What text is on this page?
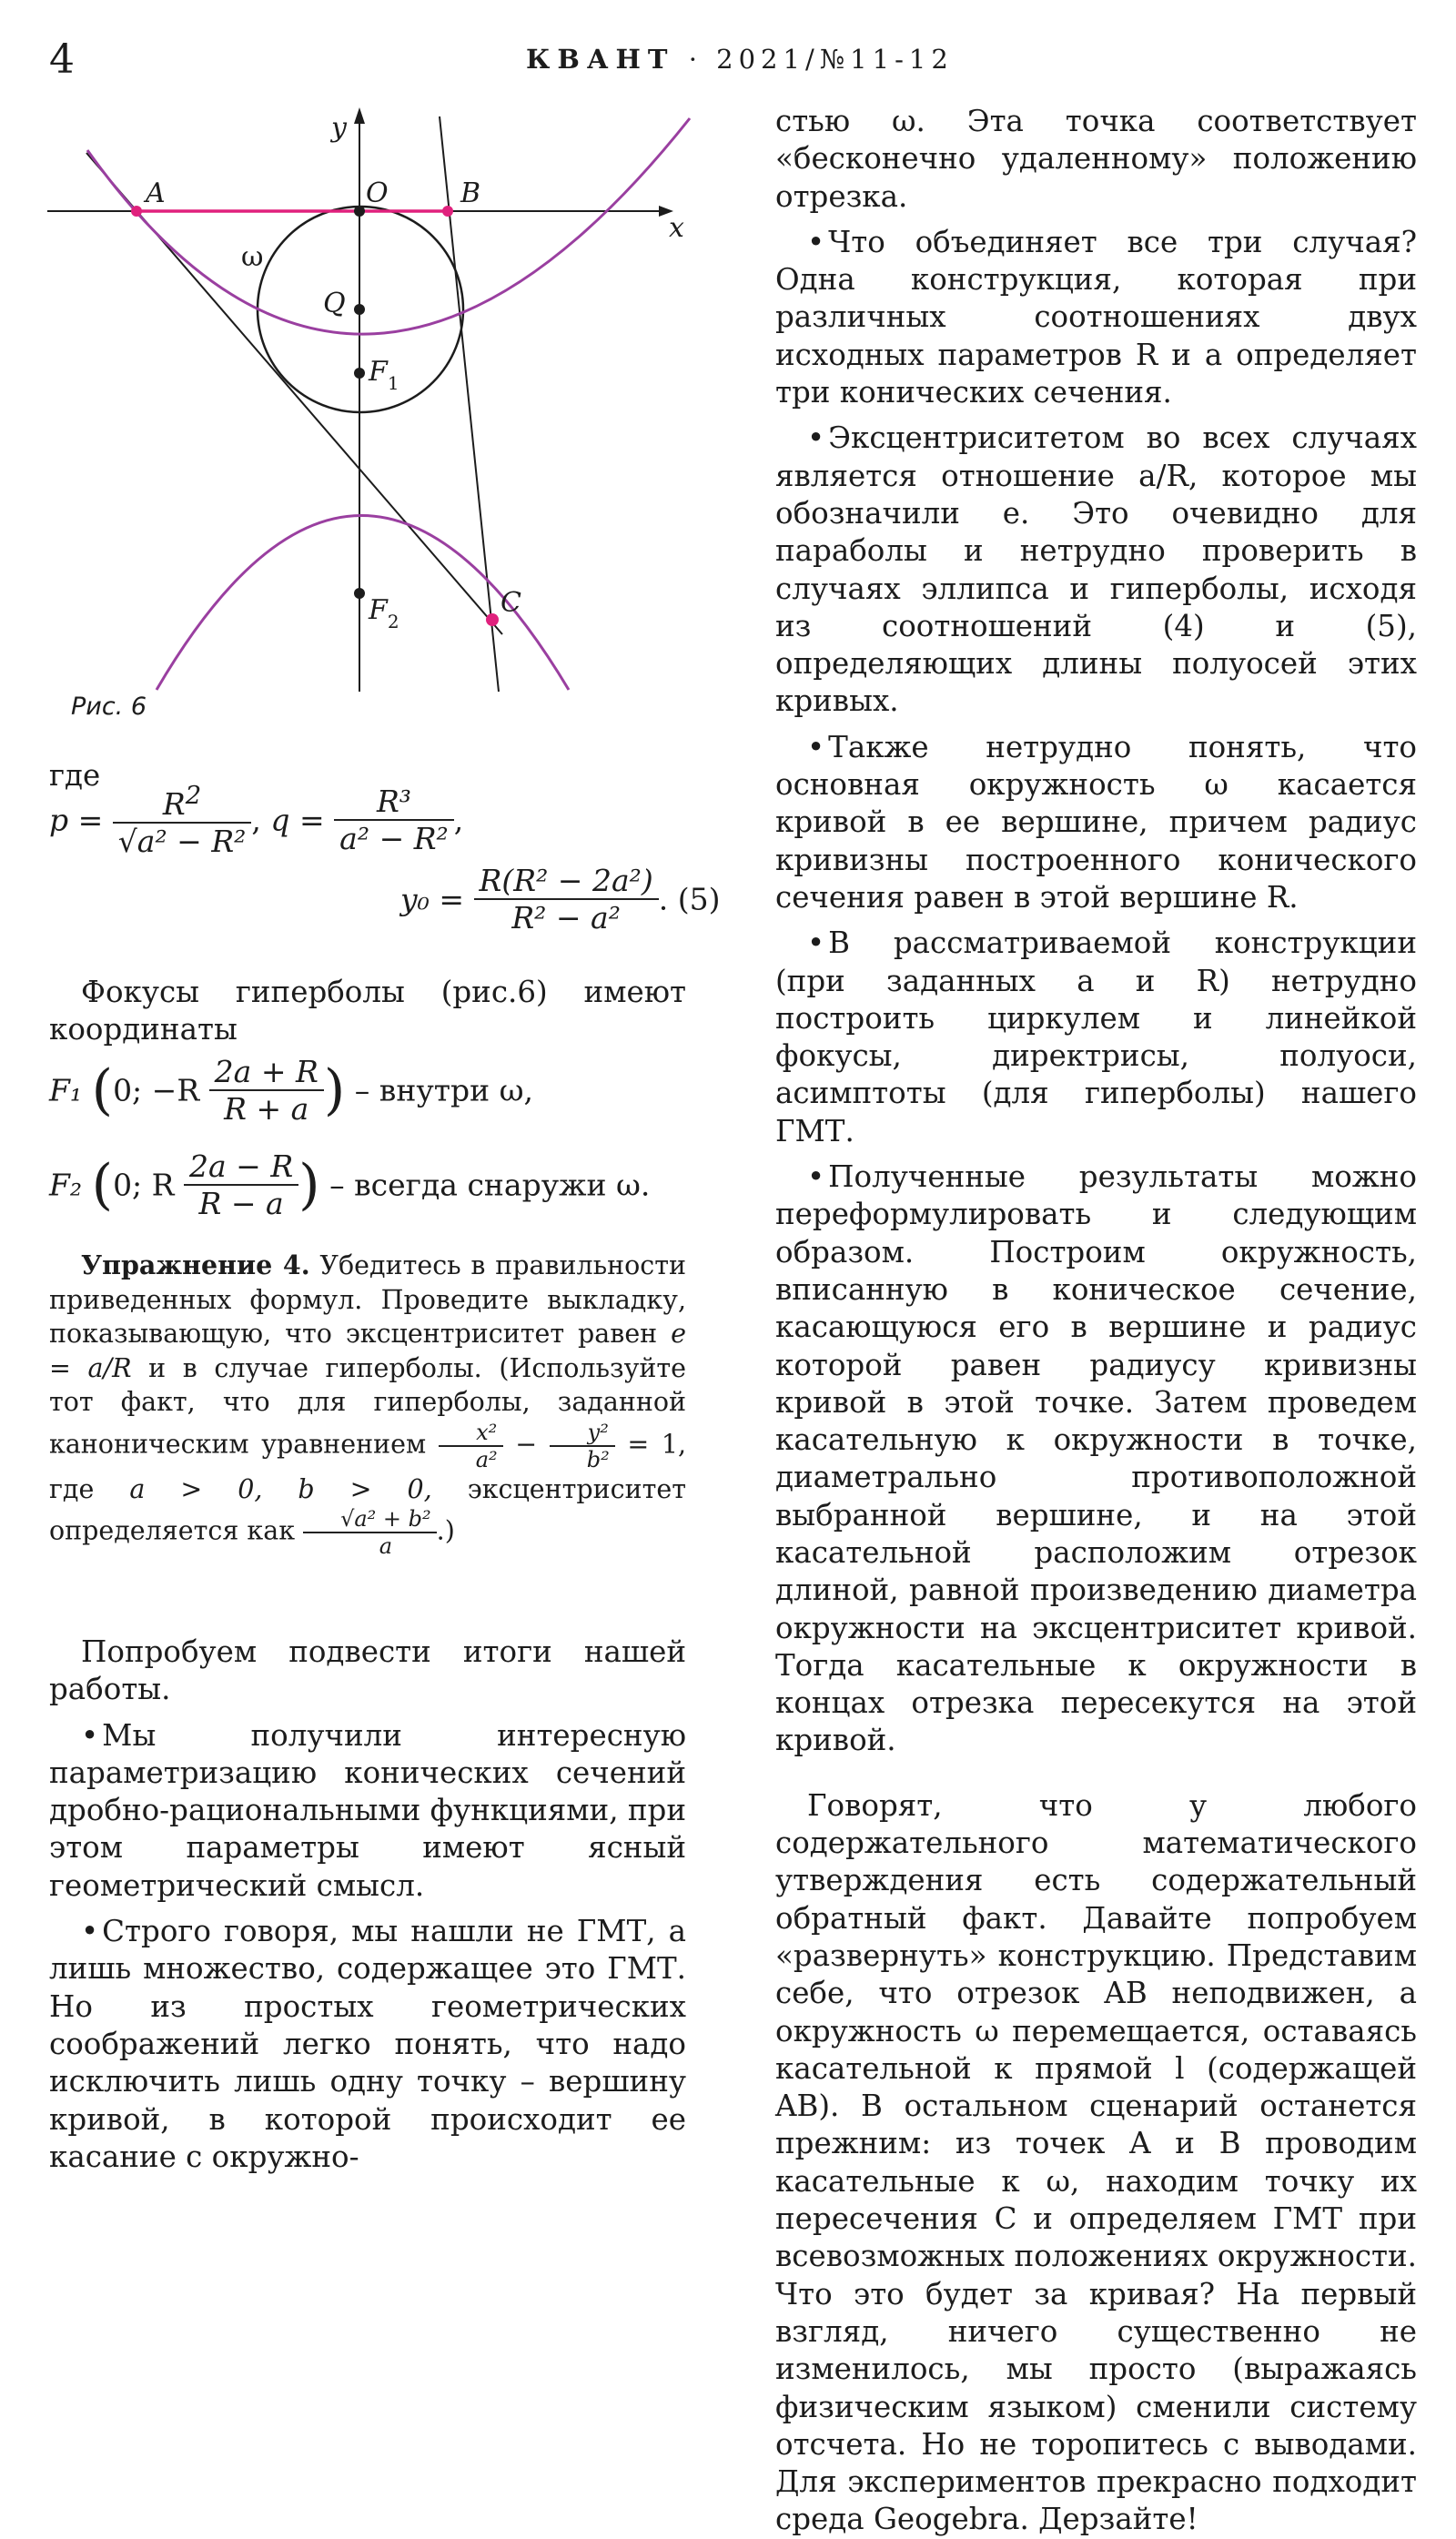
4	КВАНТ · 2021/№11-12
y
x
A	O	B
ω
Q
$F_1$
$F_2$
C
Рис. 6
где
$p = \frac{R^2}{\text{√a² − R²}}$ , $q = \frac{\text{R³}}{\text{a² − R²}}$ ,
$y_0 = \frac{\text{R(R² − 2a²)}}{\text{R² − a²}}$ . (5)

Фокусы гиперболы (рис.6) имеют координаты

F₁ (0; $-R \frac{2a + R}{R + a}$ ) – внутри ω,
F₂ (0; R $\frac{2a - R}{R - a}$ ) – всегда снаружи ω.

Упражнение 4. Убедитесь в правильности приведенных формул. Проведите выкладку, показывающую, что эксцентриситет равен e = a/R и в случае гиперболы. (Используйте тот факт, что для гиперболы, заданной каноническим уравнением $\frac{\text{x²}}{\text{a²}} - \frac{\text{y²}}{\text{b²}} = 1$, где a > 0, b > 0, эксцентриситет определяется как $\frac{\text{√a² + b²}}{a}$ .)

Попробуем подвести итоги нашей работы.

• Мы получили интересную параметризацию конических сечений дробно-рациональными функциями, при этом параметры имеют ясный геометрический смысл.

• Строго говоря, мы нашли не ГМТ, а лишь множество, содержащее это ГМТ. Но из простых геометрических соображений легко понять, что надо исключить лишь одну точку – вершину кривой, в которой происходит ее касание с окружно-

стью ω. Эта точка соответствует «бесконечно удаленному» положению отрезка.

• Что объединяет все три случая? Одна конструкция, которая при различных соотношениях двух исходных параметров R и a определяет три конических сечения.

• Эксцентриситетом во всех случаях является отношение a/R, которое мы обозначили e. Это очевидно для параболы и нетрудно проверить в случаях эллипса и гиперболы, исходя из соотношений (4) и (5), определяющих длины полуосей этих кривых.

• Также нетрудно понять, что основная окружность ω касается кривой в ее вершине, причем радиус кривизны построенного конического сечения равен в этой вершине R.

• В рассматриваемой конструкции (при заданных a и R) нетрудно построить циркулем и линейкой фокусы, директрисы, полуоси, асимптоты (для гиперболы) нашего ГМТ.

• Полученные результаты можно переформулировать и следующим образом. Построим окружность, вписанную в коническое сечение, касающуюся его в вершине и радиус которой равен радиусу кривизны кривой в этой точке. Затем проведем касательную к окружности в точке, диаметрально противоположной выбранной вершине, и на этой касательной расположим отрезок длиной, равной произведению диаметра окружности на эксцентриситет кривой. Тогда касательные к окружности в концах отрезка пересекутся на этой кривой.

Говорят, что у любого содержательного математического утверждения есть содержательный обратный факт. Давайте попробуем «развернуть» конструкцию. Представим себе, что отрезок AB неподвижен, а окружность ω перемещается, оставаясь касательной к прямой l (содержащей AB). В остальном сценарий останется прежним: из точек A и B проводим касательные к ω, находим точку их пересечения C и определяем ГМТ при всевозможных положениях окружности. Что это будет за кривая? На первый взгляд, ничего существенно не изменилось, мы просто (выражаясь физическим языком) сменили систему отсчета. Но не торопитесь с выводами. Для экспериментов прекрасно подходит среда Geogebra. Дерзайте!
